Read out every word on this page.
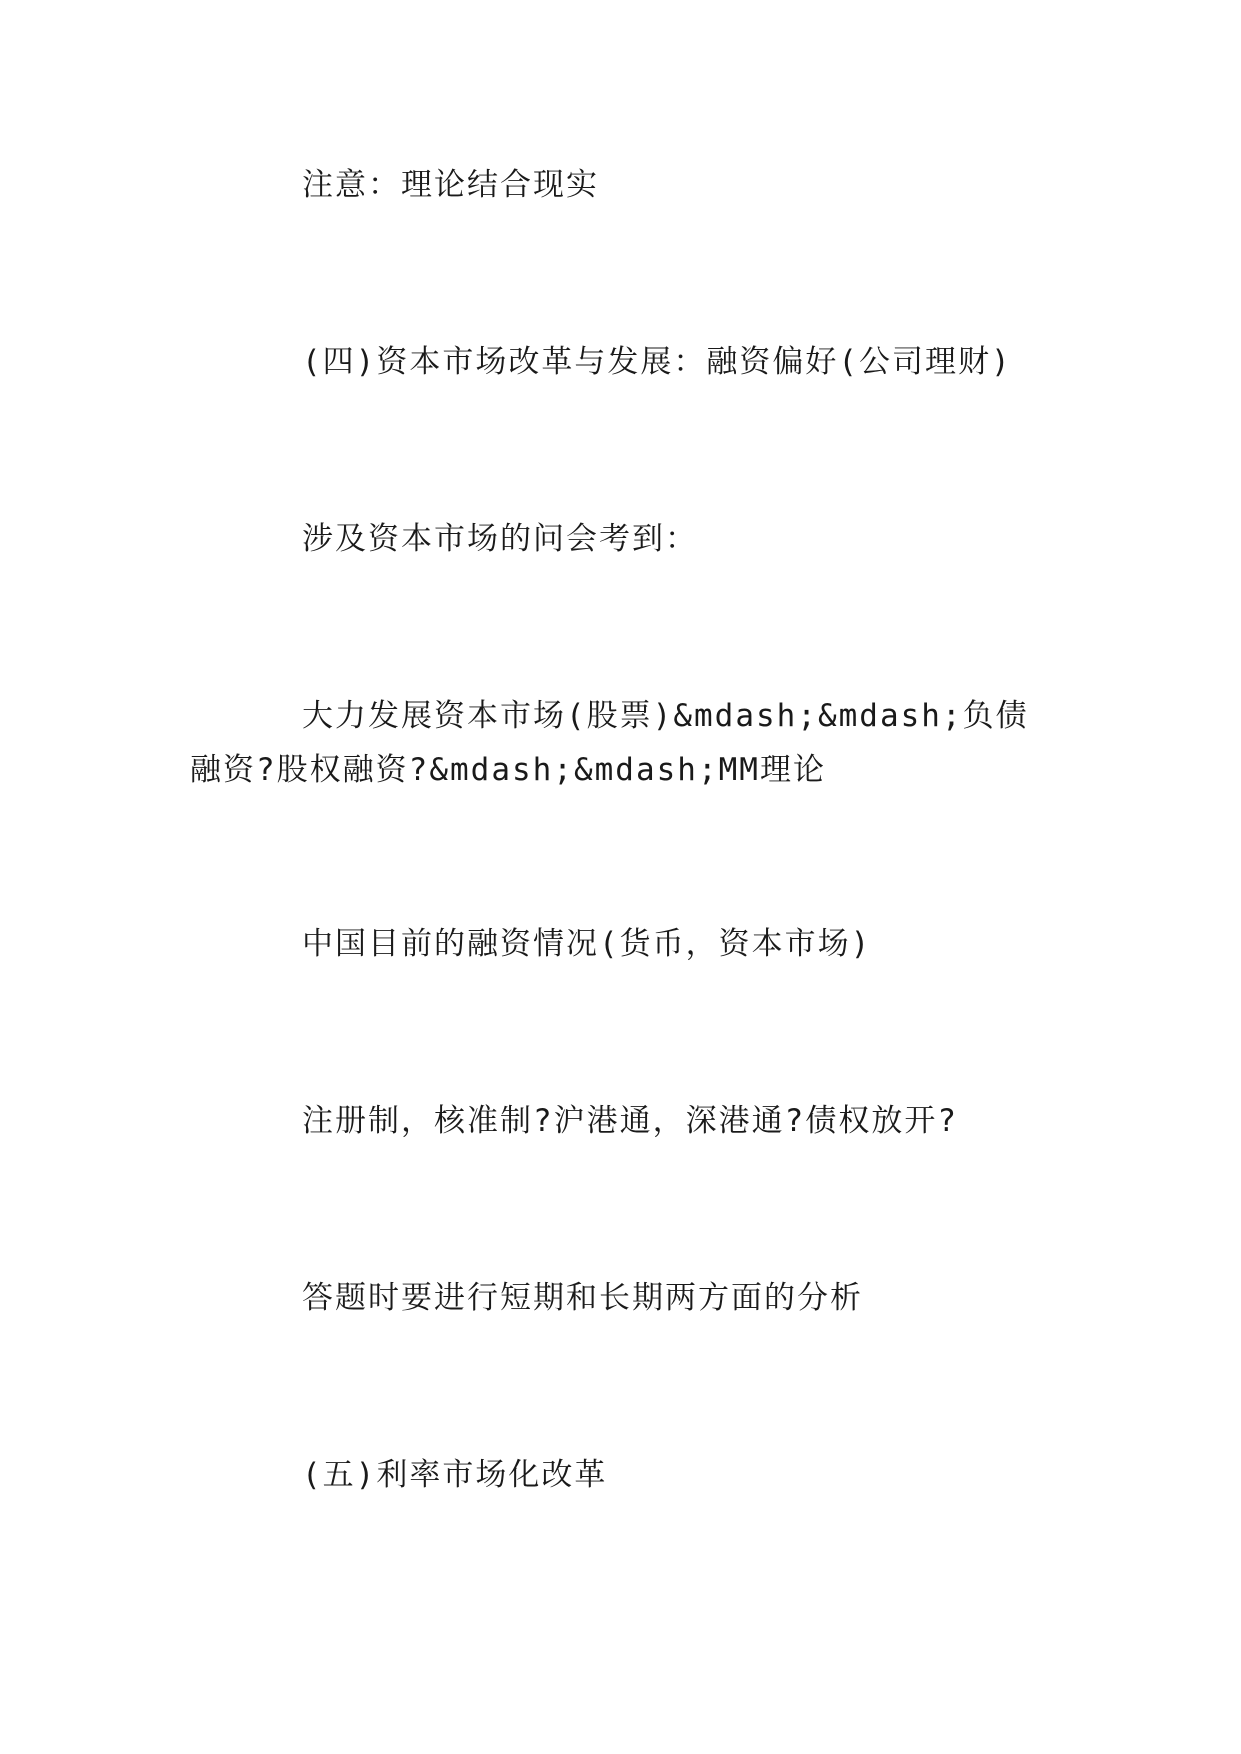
注意：理论结合现实

(四)资本市场改革与发展：融资偏好(公司理财)

涉及资本市场的问会考到：

大力发展资本市场(股票)&mdash;&mdash;负债融资?股权融资?&mdash;&mdash;MM理论

中国目前的融资情况(货币，资本市场)

注册制，核准制?沪港通，深港通?债权放开?

答题时要进行短期和长期两方面的分析

(五)利率市场化改革
